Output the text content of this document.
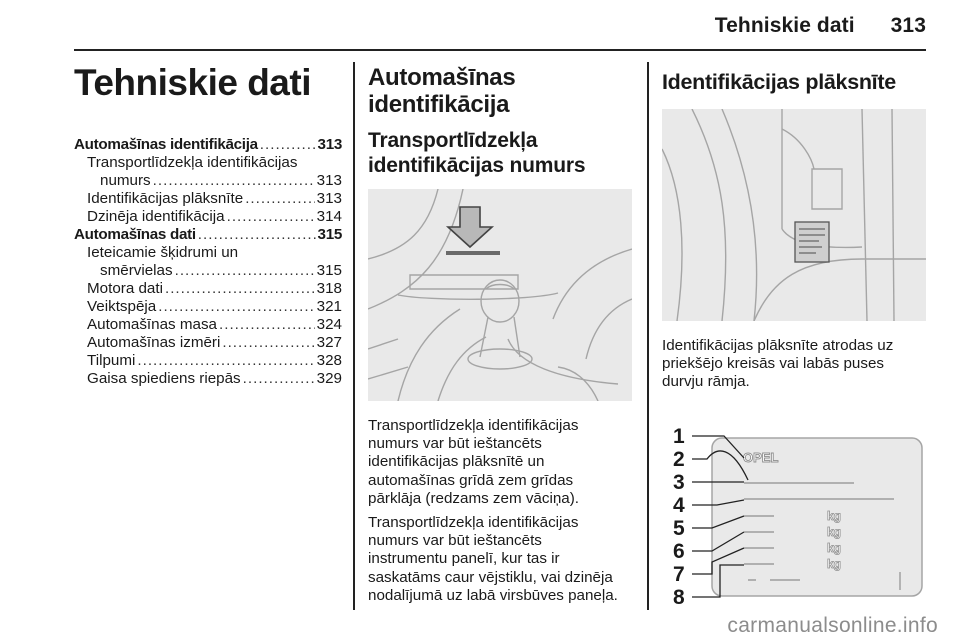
Tehniskie dati 313
Tehniskie dati
Automašīnas identifikācija .....	313
Transportlīdzekļa identifikācijas
numurs .....	313
Identifikācijas plāksnīte .....	313
Dzinēja identifikācija .....	314
Automašīnas dati .....	315
Ieteicamie šķidrumi un
smērvielas .....	315
Motora dati .....	318
Veiktspēja .....	321
Automašīnas masa .....	324
Automašīnas izmēri .....	327
Tilpumi .....	328
Gaisa spiediens riepās .....	329
Automašīnas
identifikācija
Transportlīdzekļa
identifikācijas numurs
Transportlīdzekļa identifikācijas
numurs var būt ieštancēts
identifikācijas plāksnītē un
automašīnas grīdā zem grīdas
pārklāja (redzams zem vāciņa).
Transportlīdzekļa identifikācijas
numurs var būt ieštancēts
instrumentu panelī, kur tas ir
saskatāms caur vējstiklu, vai dzinēja
nodalījumā uz labā virsbūves paneļa.
Identifikācijas plāksnīte
Identifikācijas plāksnīte atrodas uz
priekšējo kreisās vai labās puses
durvju rāmja.
OPEL
kg
kg
kg
kg
1
2
3
4
5
6
7
8
carmanualsonline.info
